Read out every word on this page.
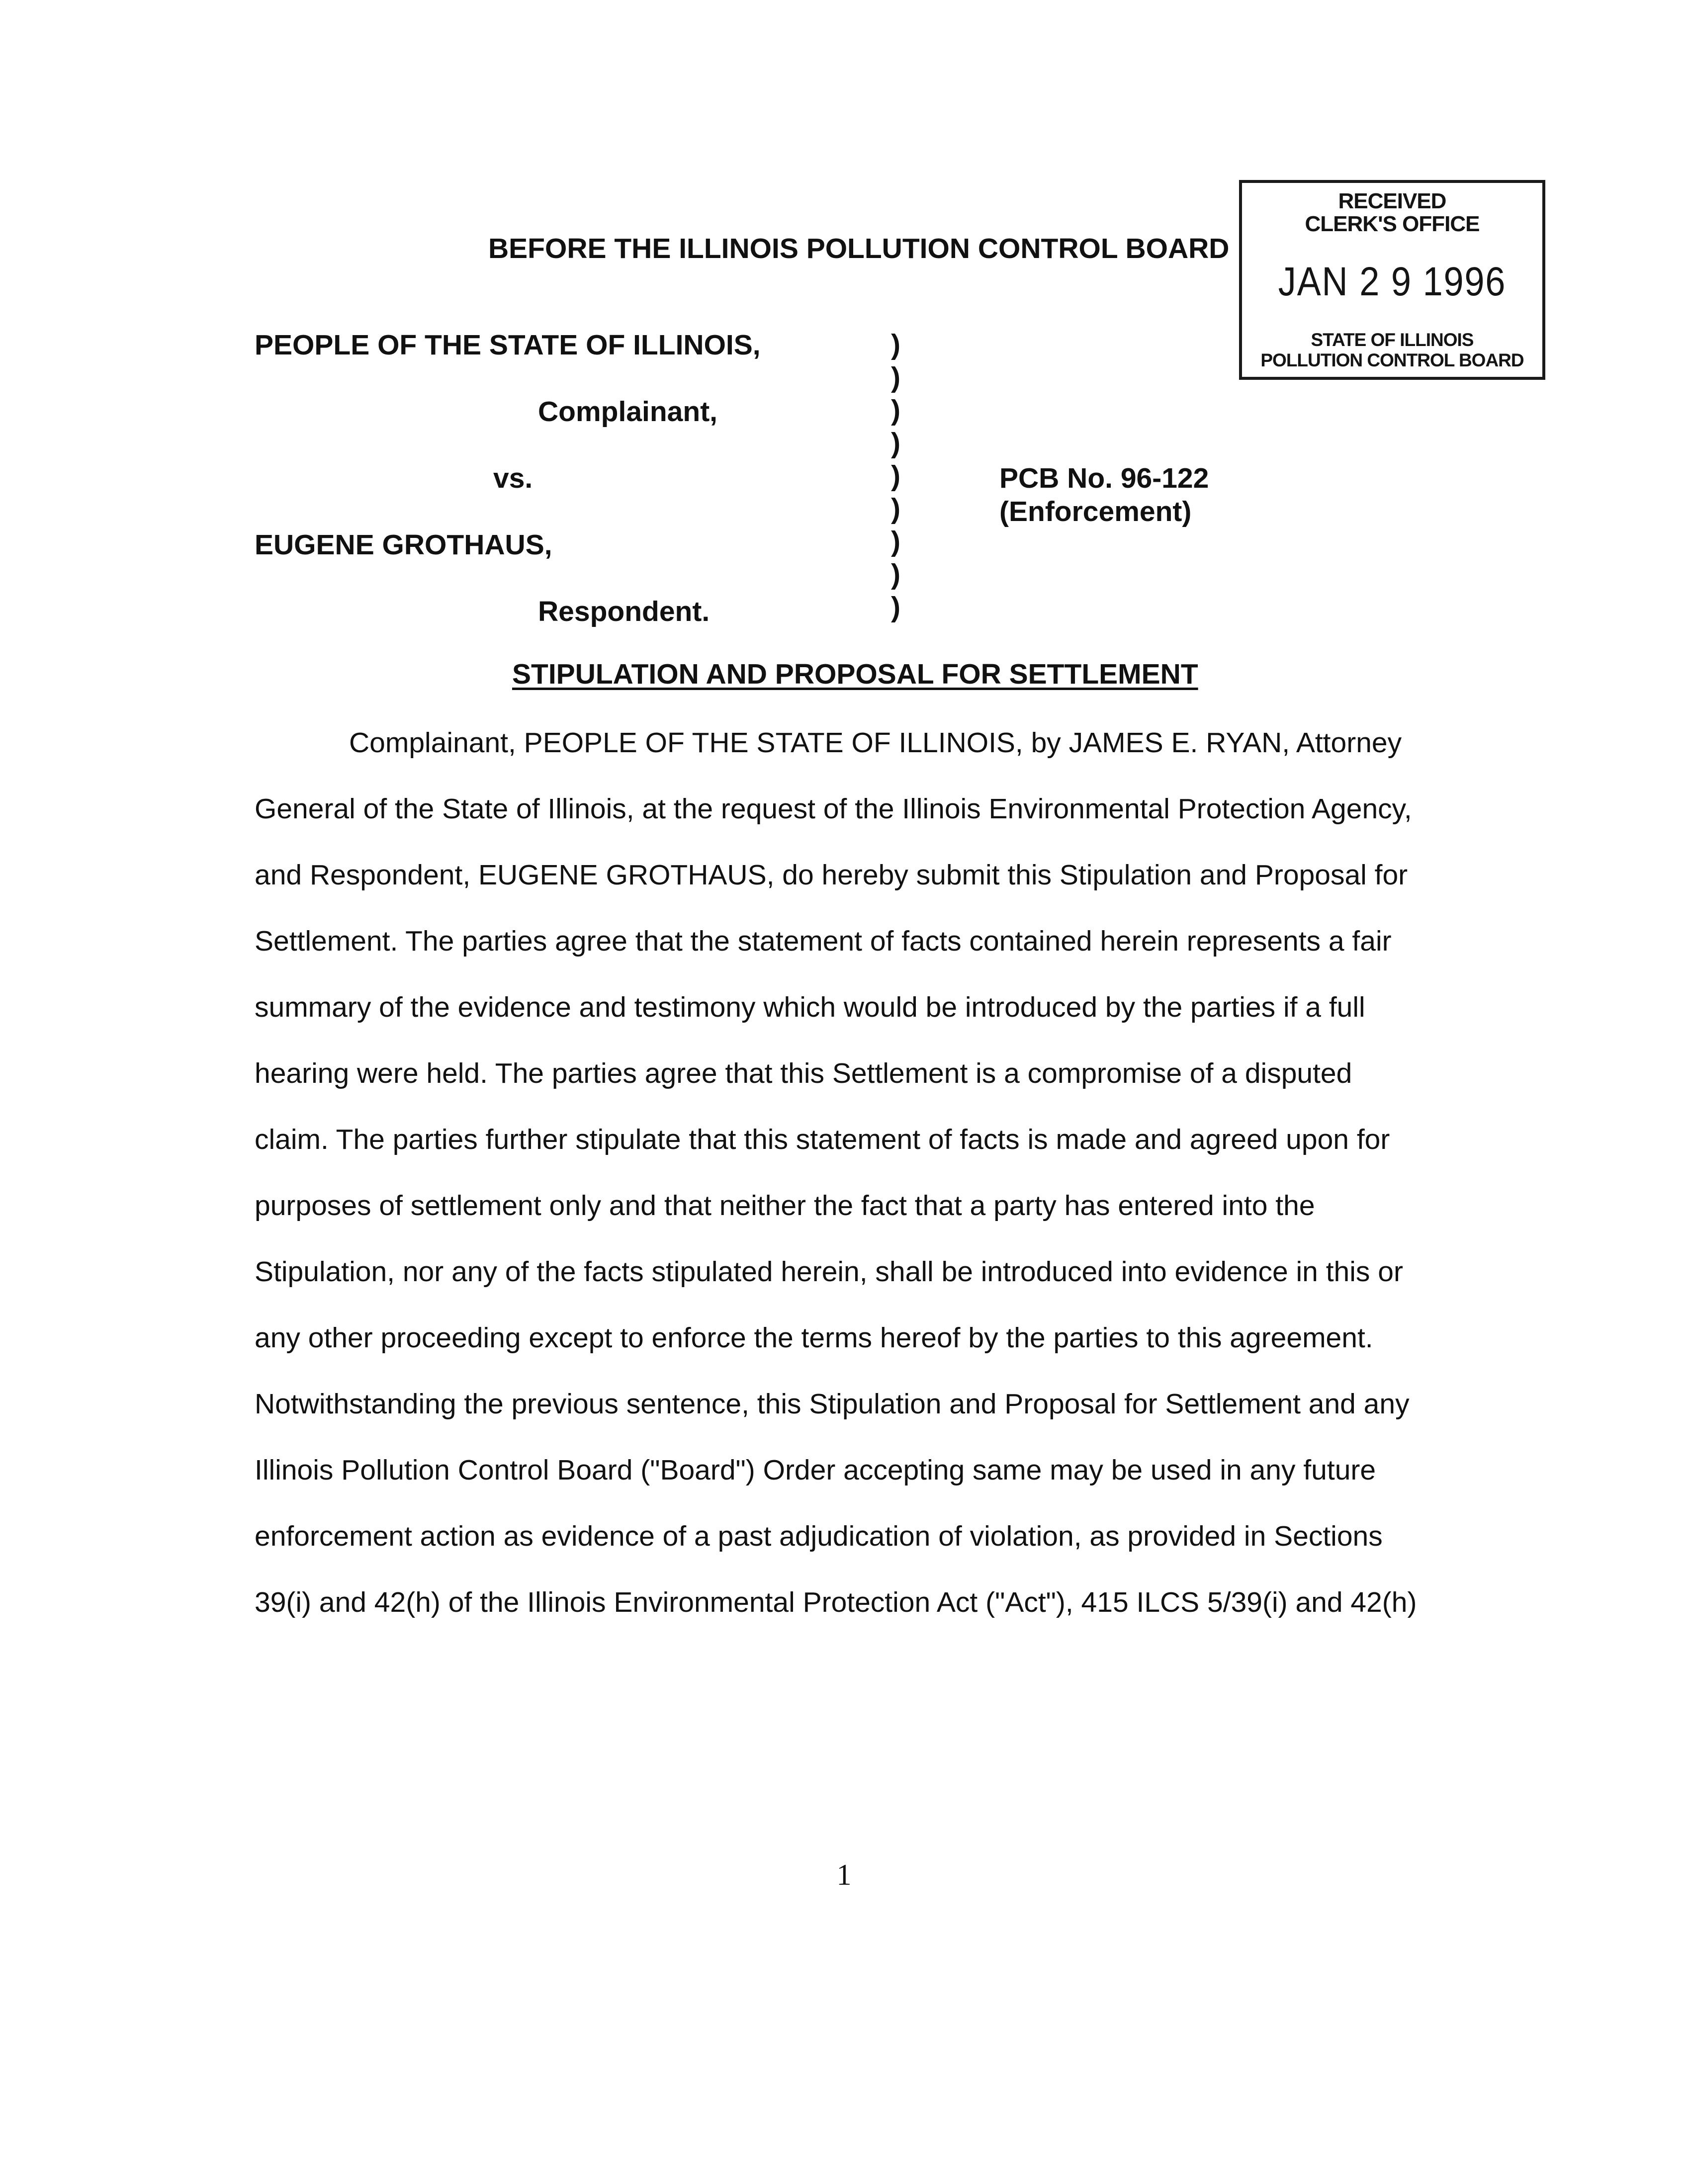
RECEIVED
CLERK'S OFFICE
JAN 2 9 1996
STATE OF ILLINOIS
POLLUTION CONTROL BOARD
BEFORE THE ILLINOIS POLLUTION CONTROL BOARD
PEOPLE OF THE STATE OF ILLINOIS,
Complainant,
vs.
EUGENE GROTHAUS,
Respondent.
)
)
)
)
)
)
)
)
)
PCB No. 96-122
(Enforcement)
STIPULATION AND PROPOSAL FOR SETTLEMENT
Complainant, PEOPLE OF THE STATE OF ILLINOIS, by JAMES E. RYAN, Attorney
General of the State of Illinois, at the request of the Illinois Environmental Protection Agency,
and Respondent, EUGENE GROTHAUS, do hereby submit this Stipulation and Proposal for
Settlement. The parties agree that the statement of facts contained herein represents a fair
summary of the evidence and testimony which would be introduced by the parties if a full
hearing were held. The parties agree that this Settlement is a compromise of a disputed
claim. The parties further stipulate that this statement of facts is made and agreed upon for
purposes of settlement only and that neither the fact that a party has entered into the
Stipulation, nor any of the facts stipulated herein, shall be introduced into evidence in this or
any other proceeding except to enforce the terms hereof by the parties to this agreement.
Notwithstanding the previous sentence, this Stipulation and Proposal for Settlement and any
Illinois Pollution Control Board ("Board") Order accepting same may be used in any future
enforcement action as evidence of a past adjudication of violation, as provided in Sections
39(i) and 42(h) of the Illinois Environmental Protection Act ("Act"), 415 ILCS 5/39(i) and 42(h)
1
